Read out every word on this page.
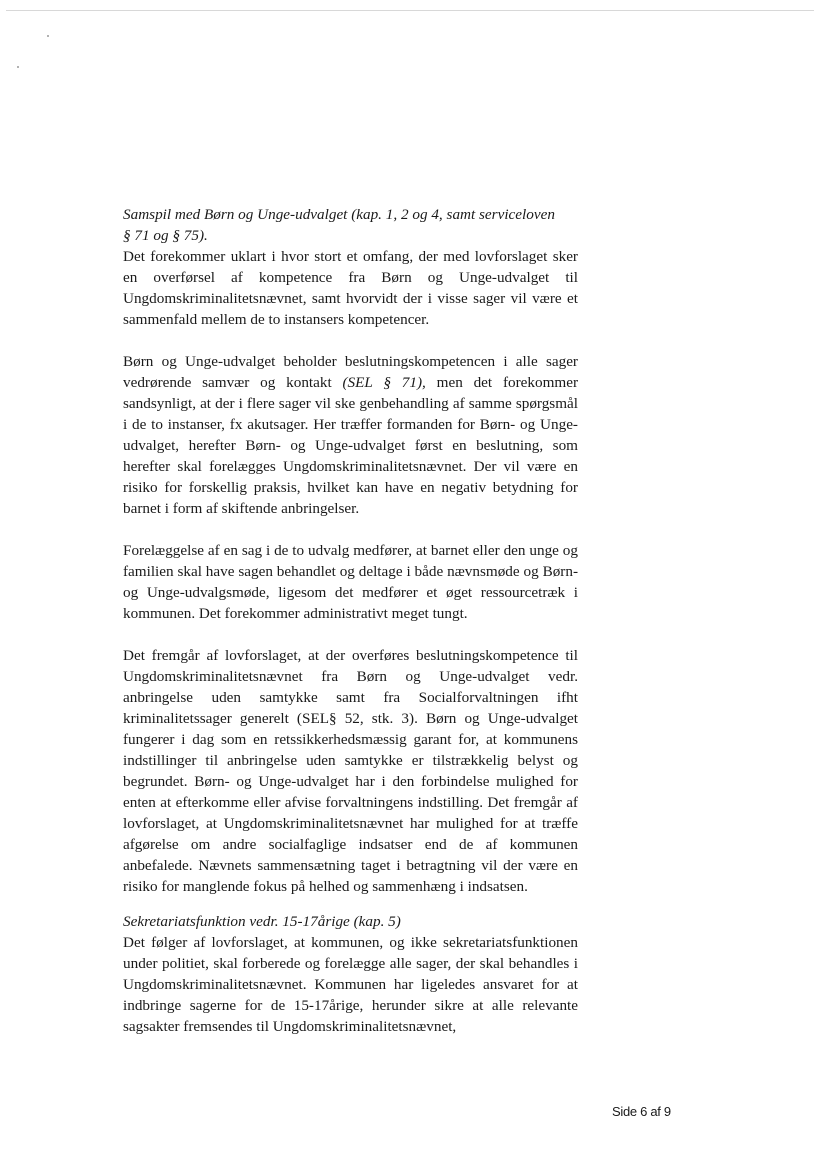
Samspil med Børn og Unge-udvalget (kap. 1, 2 og 4, samt serviceloven
§ 71 og § 75).

Det forekommer uklart i hvor stort et omfang, der med lovforslaget sker en overførsel af kompetence fra Børn og Unge-udvalget til Ungdomskriminalitetsnævnet, samt hvorvidt der i visse sager vil være et sammenfald mellem de to instansers kompetencer.

Børn og Unge-udvalget beholder beslutningskompetencen i alle sager vedrørende samvær og kontakt (SEL § 71), men det forekommer sandsynligt, at der i flere sager vil ske genbehandling af samme spørgsmål i de to instanser, fx akutsager. Her træffer formanden for Børn- og Unge-udvalget, herefter Børn- og Unge-udvalget først en beslutning, som herefter skal forelægges Ungdomskriminalitetsnævnet. Der vil være en risiko for forskellig praksis, hvilket kan have en negativ betydning for barnet i form af skiftende anbringelser.

Forelæggelse af en sag i de to udvalg medfører, at barnet eller den unge og familien skal have sagen behandlet og deltage i både nævnsmøde og Børn- og Unge-udvalgsmøde, ligesom det medfører et øget ressourcetræk i kommunen. Det forekommer administrativt meget tungt.

Det fremgår af lovforslaget, at der overføres beslutningskompetence til Ungdomskriminalitetsnævnet fra Børn og Unge-udvalget vedr. anbringelse uden samtykke samt fra Socialforvaltningen ifht kriminalitetssager generelt (SEL§ 52, stk. 3). Børn og Unge-udvalget fungerer i dag som en retssikkerhedsmæssig garant for, at kommunens indstillinger til anbringelse uden samtykke er tilstrækkelig belyst og begrundet. Børn- og Unge-udvalget har i den forbindelse mulighed for enten at efterkomme eller afvise forvaltningens indstilling. Det fremgår af lovforslaget, at Ungdomskriminalitetsnævnet har mulighed for at træffe afgørelse om andre socialfaglige indsatser end de af kommunen anbefalede. Nævnets sammensætning taget i betragtning vil der være en risiko for manglende fokus på helhed og sammenhæng i indsatsen.

Sekretariatsfunktion vedr. 15-17årige (kap. 5)

Det følger af lovforslaget, at kommunen, og ikke sekretariatsfunktionen under politiet, skal forberede og forelægge alle sager, der skal behandles i Ungdomskriminalitetsnævnet. Kommunen har ligeledes ansvaret for at indbringe sagerne for de 15-17årige, herunder sikre at alle relevante sagsakter fremsendes til Ungdomskriminalitetsnævnet,

Side 6 af 9
